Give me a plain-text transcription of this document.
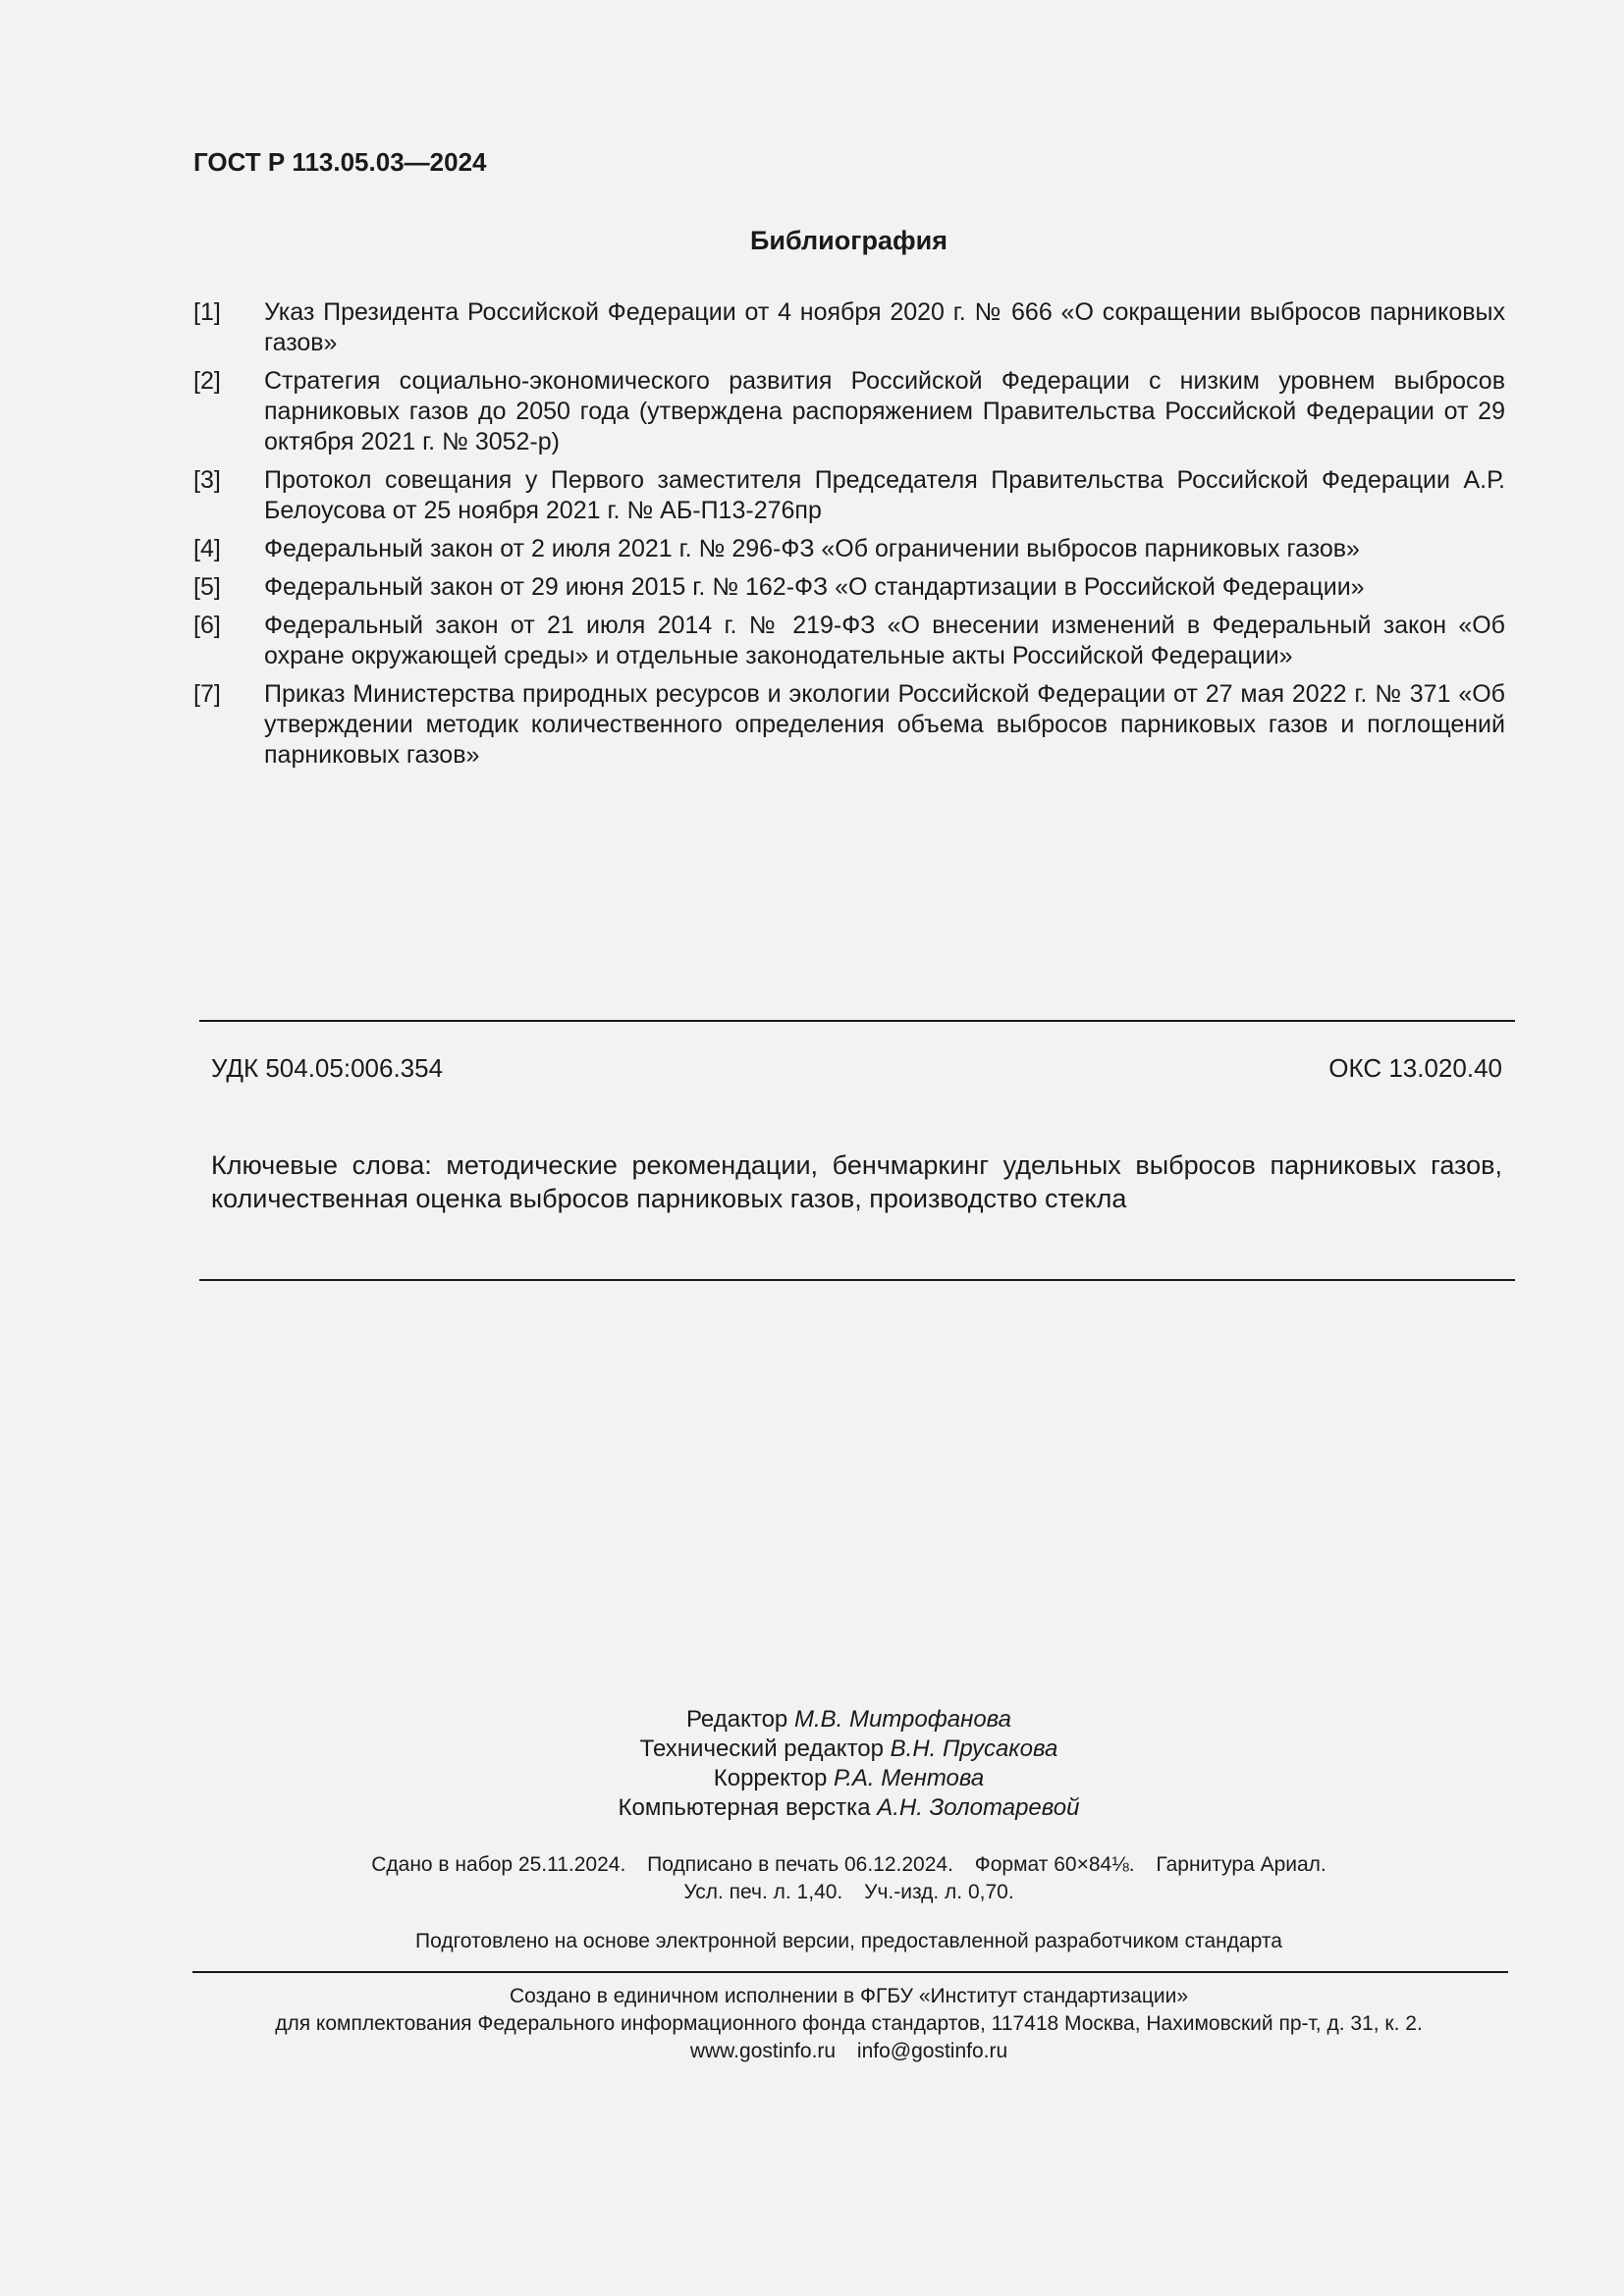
ГОСТ Р 113.05.03—2024

Библиография
[1]	Указ Президента Российской Федерации от 4 ноября 2020 г. № 666 «О сокращении выбросов парниковых газов»
[2]	Стратегия социально-экономического развития Российской Федерации с низким уровнем выбросов парниковых газов до 2050 года (утверждена распоряжением Правительства Российской Федерации от 29 октября 2021 г. № 3052-р)
[3]	Протокол совещания у Первого заместителя Председателя Правительства Российской Федерации А.Р. Белоусова от 25 ноября 2021 г. № АБ-П13-276пр
[4]	Федеральный закон от 2 июля 2021 г. № 296-ФЗ «Об ограничении выбросов парниковых газов»
[5]	Федеральный закон от 29 июня 2015 г. № 162-ФЗ «О стандартизации в Российской Федерации»
[6]	Федеральный закон от 21 июля 2014 г. № 219-ФЗ «О внесении изменений в Федеральный закон «Об охране окружающей среды» и отдельные законодательные акты Российской Федерации»
[7]	Приказ Министерства природных ресурсов и экологии Российской Федерации от 27 мая 2022 г. № 371 «Об утверждении методик количественного определения объема выбросов парниковых газов и поглощений парниковых газов»

УДК 504.05:006.354	ОКС 13.020.40

Ключевые слова: методические рекомендации, бенчмаркинг удельных выбросов парниковых газов, количественная оценка выбросов парниковых газов, производство стекла

Редактор М.В. Митрофанова
Технический редактор В.Н. Прусакова
Корректор Р.А. Ментова
Компьютерная верстка А.Н. Золотаревой
Сдано в набор 25.11.2024. Подписано в печать 06.12.2024. Формат 60×84⅛. Гарнитура Ариал.
Усл. печ. л. 1,40. Уч.-изд. л. 0,70.

Подготовлено на основе электронной версии, предоставленной разработчиком стандарта

Создано в единичном исполнении в ФГБУ «Институт стандартизации»
для комплектования Федерального информационного фонда стандартов, 117418 Москва, Нахимовский пр-т, д. 31, к. 2.
www.gostinfo.ru info@gostinfo.ru
